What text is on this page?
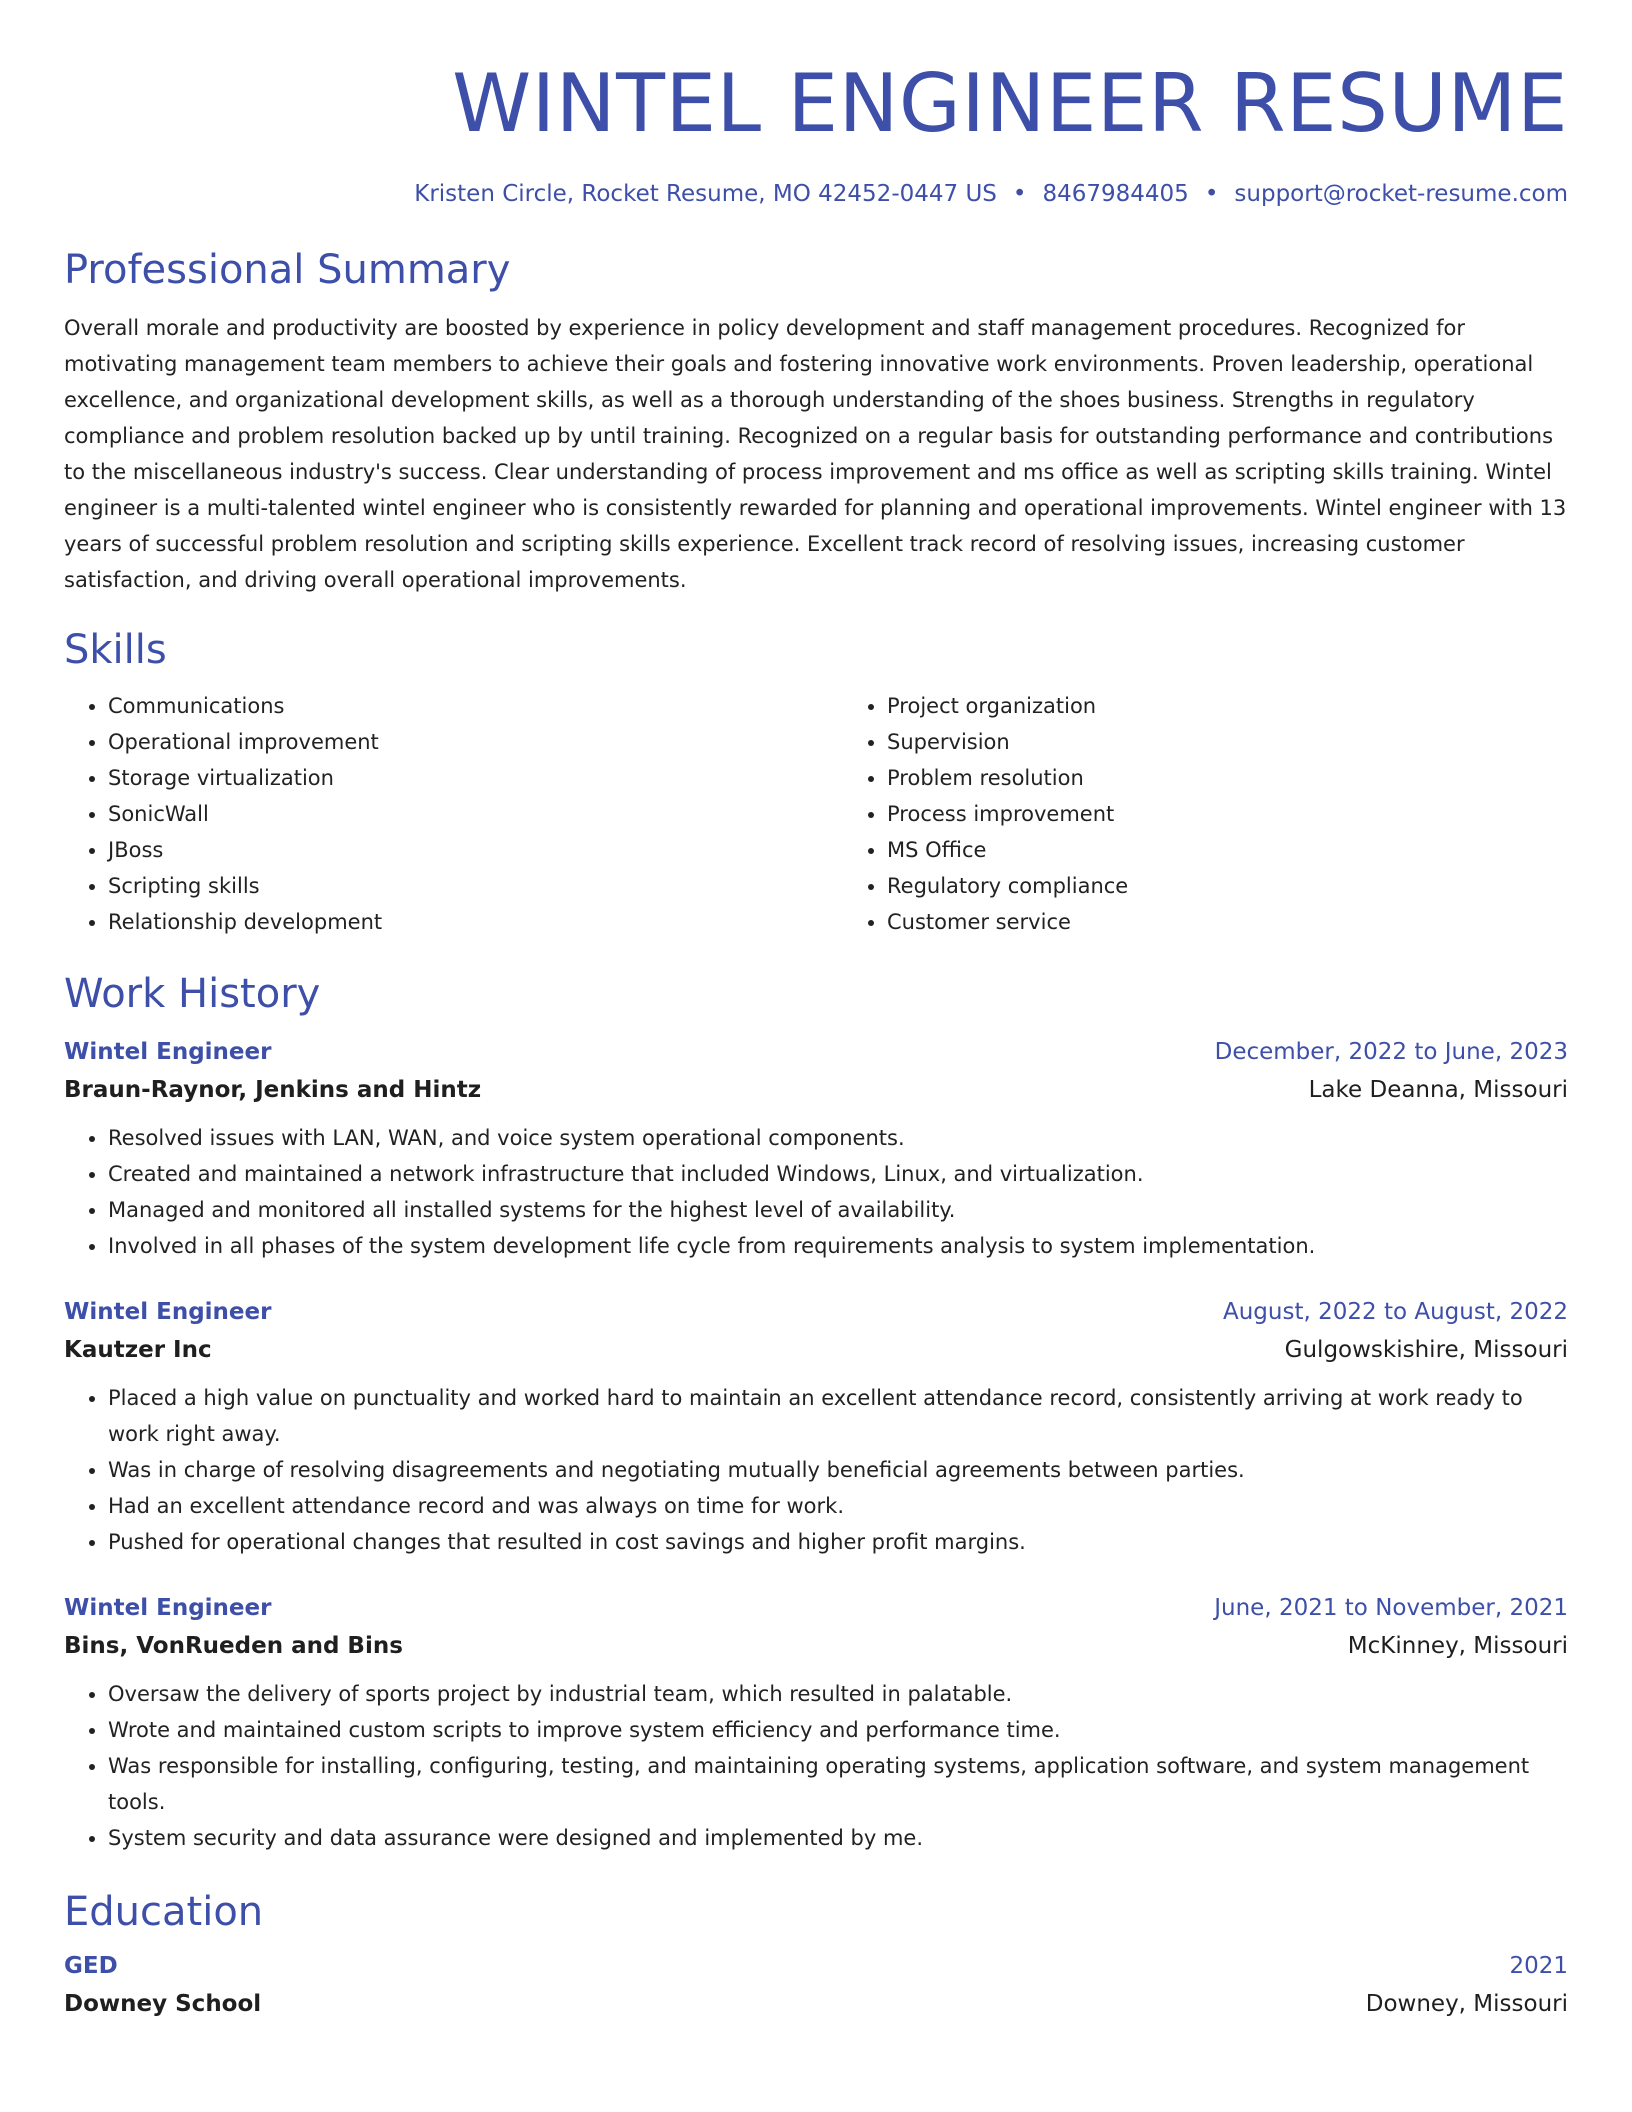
WINTEL ENGINEER RESUME
Kristen Circle, Rocket Resume, MO 42452-0447 US • 8467984405 • support@rocket-resume.com
Professional Summary

Overall morale and productivity are boosted by experience in policy development and staff management procedures. Recognized for motivating management team members to achieve their goals and fostering innovative work environments. Proven leadership, operational excellence, and organizational development skills, as well as a thorough understanding of the shoes business. Strengths in regulatory compliance and problem resolution backed up by until training. Recognized on a regular basis for outstanding performance and contributions to the miscellaneous industry's success. Clear understanding of process improvement and ms office as well as scripting skills training. Wintel engineer is a multi-talented wintel engineer who is consistently rewarded for planning and operational improvements. Wintel engineer with 13 years of successful problem resolution and scripting skills experience. Excellent track record of resolving issues, increasing customer satisfaction, and driving overall operational improvements.

Skills
• Communications
• Operational improvement
• Storage virtualization
• SonicWall
• JBoss
• Scripting skills
• Relationship development
• Project organization
• Supervision
• Problem resolution
• Process improvement
• MS Office
• Regulatory compliance
• Customer service
Work History
Wintel Engineer	December, 2022 to June, 2023
Braun-Raynor, Jenkins and Hintz	Lake Deanna, Missouri
• Resolved issues with LAN, WAN, and voice system operational components.
• Created and maintained a network infrastructure that included Windows, Linux, and virtualization.
• Managed and monitored all installed systems for the highest level of availability.
• Involved in all phases of the system development life cycle from requirements analysis to system implementation.
Wintel Engineer	August, 2022 to August, 2022
Kautzer Inc	Gulgowskishire, Missouri
• Placed a high value on punctuality and worked hard to maintain an excellent attendance record, consistently arriving at work ready to work right away.
• Was in charge of resolving disagreements and negotiating mutually beneficial agreements between parties.
• Had an excellent attendance record and was always on time for work.
• Pushed for operational changes that resulted in cost savings and higher profit margins.
Wintel Engineer	June, 2021 to November, 2021
Bins, VonRueden and Bins	McKinney, Missouri
• Oversaw the delivery of sports project by industrial team, which resulted in palatable.
• Wrote and maintained custom scripts to improve system efficiency and performance time.
• Was responsible for installing, configuring, testing, and maintaining operating systems, application software, and system management tools.
• System security and data assurance were designed and implemented by me.
Education
GED	2021
Downey School	Downey, Missouri
